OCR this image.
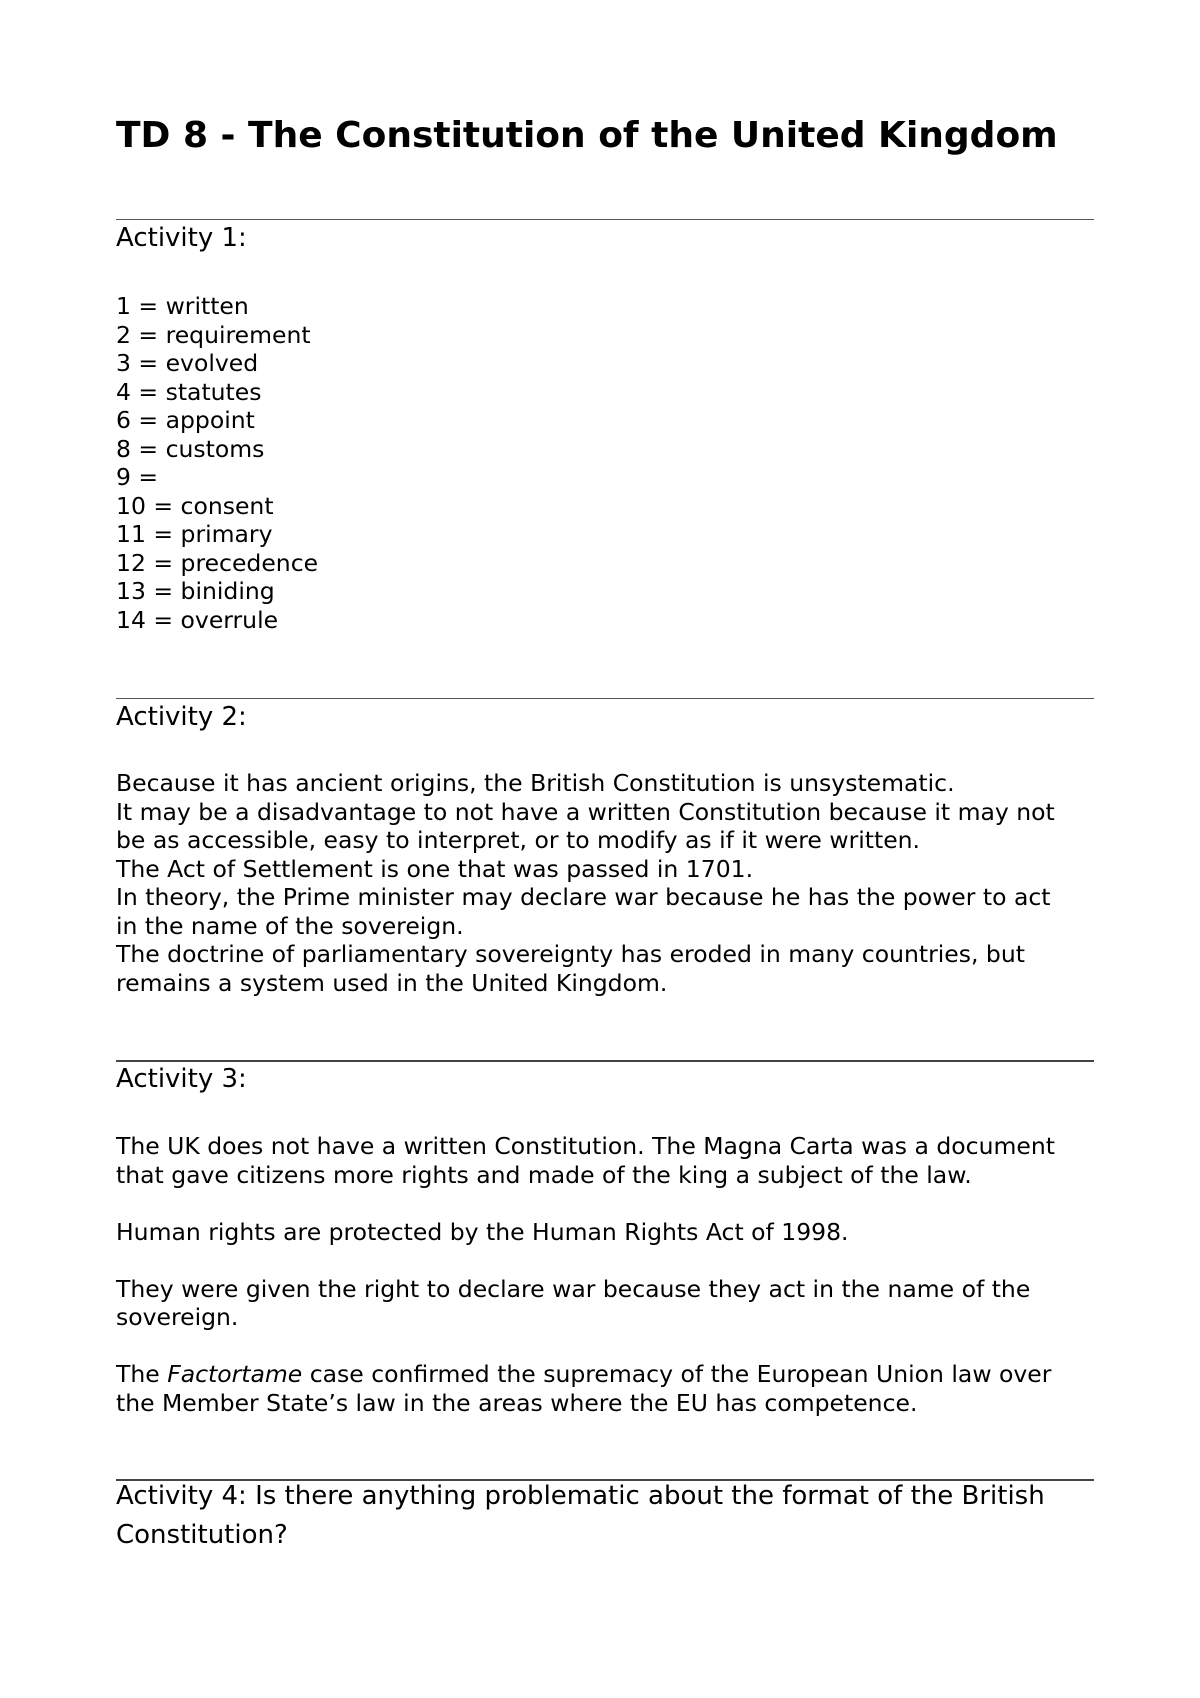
TD 8 - The Constitution of the United Kingdom
Activity 1:
1 = written
2 = requirement
3 = evolved
4 = statutes
6 = appoint
8 = customs
9 =
10 = consent
11 = primary
12 = precedence
13 = biniding
14 = overrule
Activity 2:
Because it has ancient origins, the British Constitution is unsystematic.
It may be a disadvantage to not have a written Constitution because it may not
be as accessible, easy to interpret, or to modify as if it were written.
The Act of Settlement is one that was passed in 1701.
In theory, the Prime minister may declare war because he has the power to act
in the name of the sovereign.
The doctrine of parliamentary sovereignty has eroded in many countries, but
remains a system used in the United Kingdom.
Activity 3:

The UK does not have a written Constitution. The Magna Carta was a document
that gave citizens more rights and made of the king a subject of the law.

Human rights are protected by the Human Rights Act of 1998.

They were given the right to declare war because they act in the name of the
sovereign.

The Factortame case confirmed the supremacy of the European Union law over
the Member State’s law in the areas where the EU has competence.

Activity 4: Is there anything problematic about the format of the British Constitution?
